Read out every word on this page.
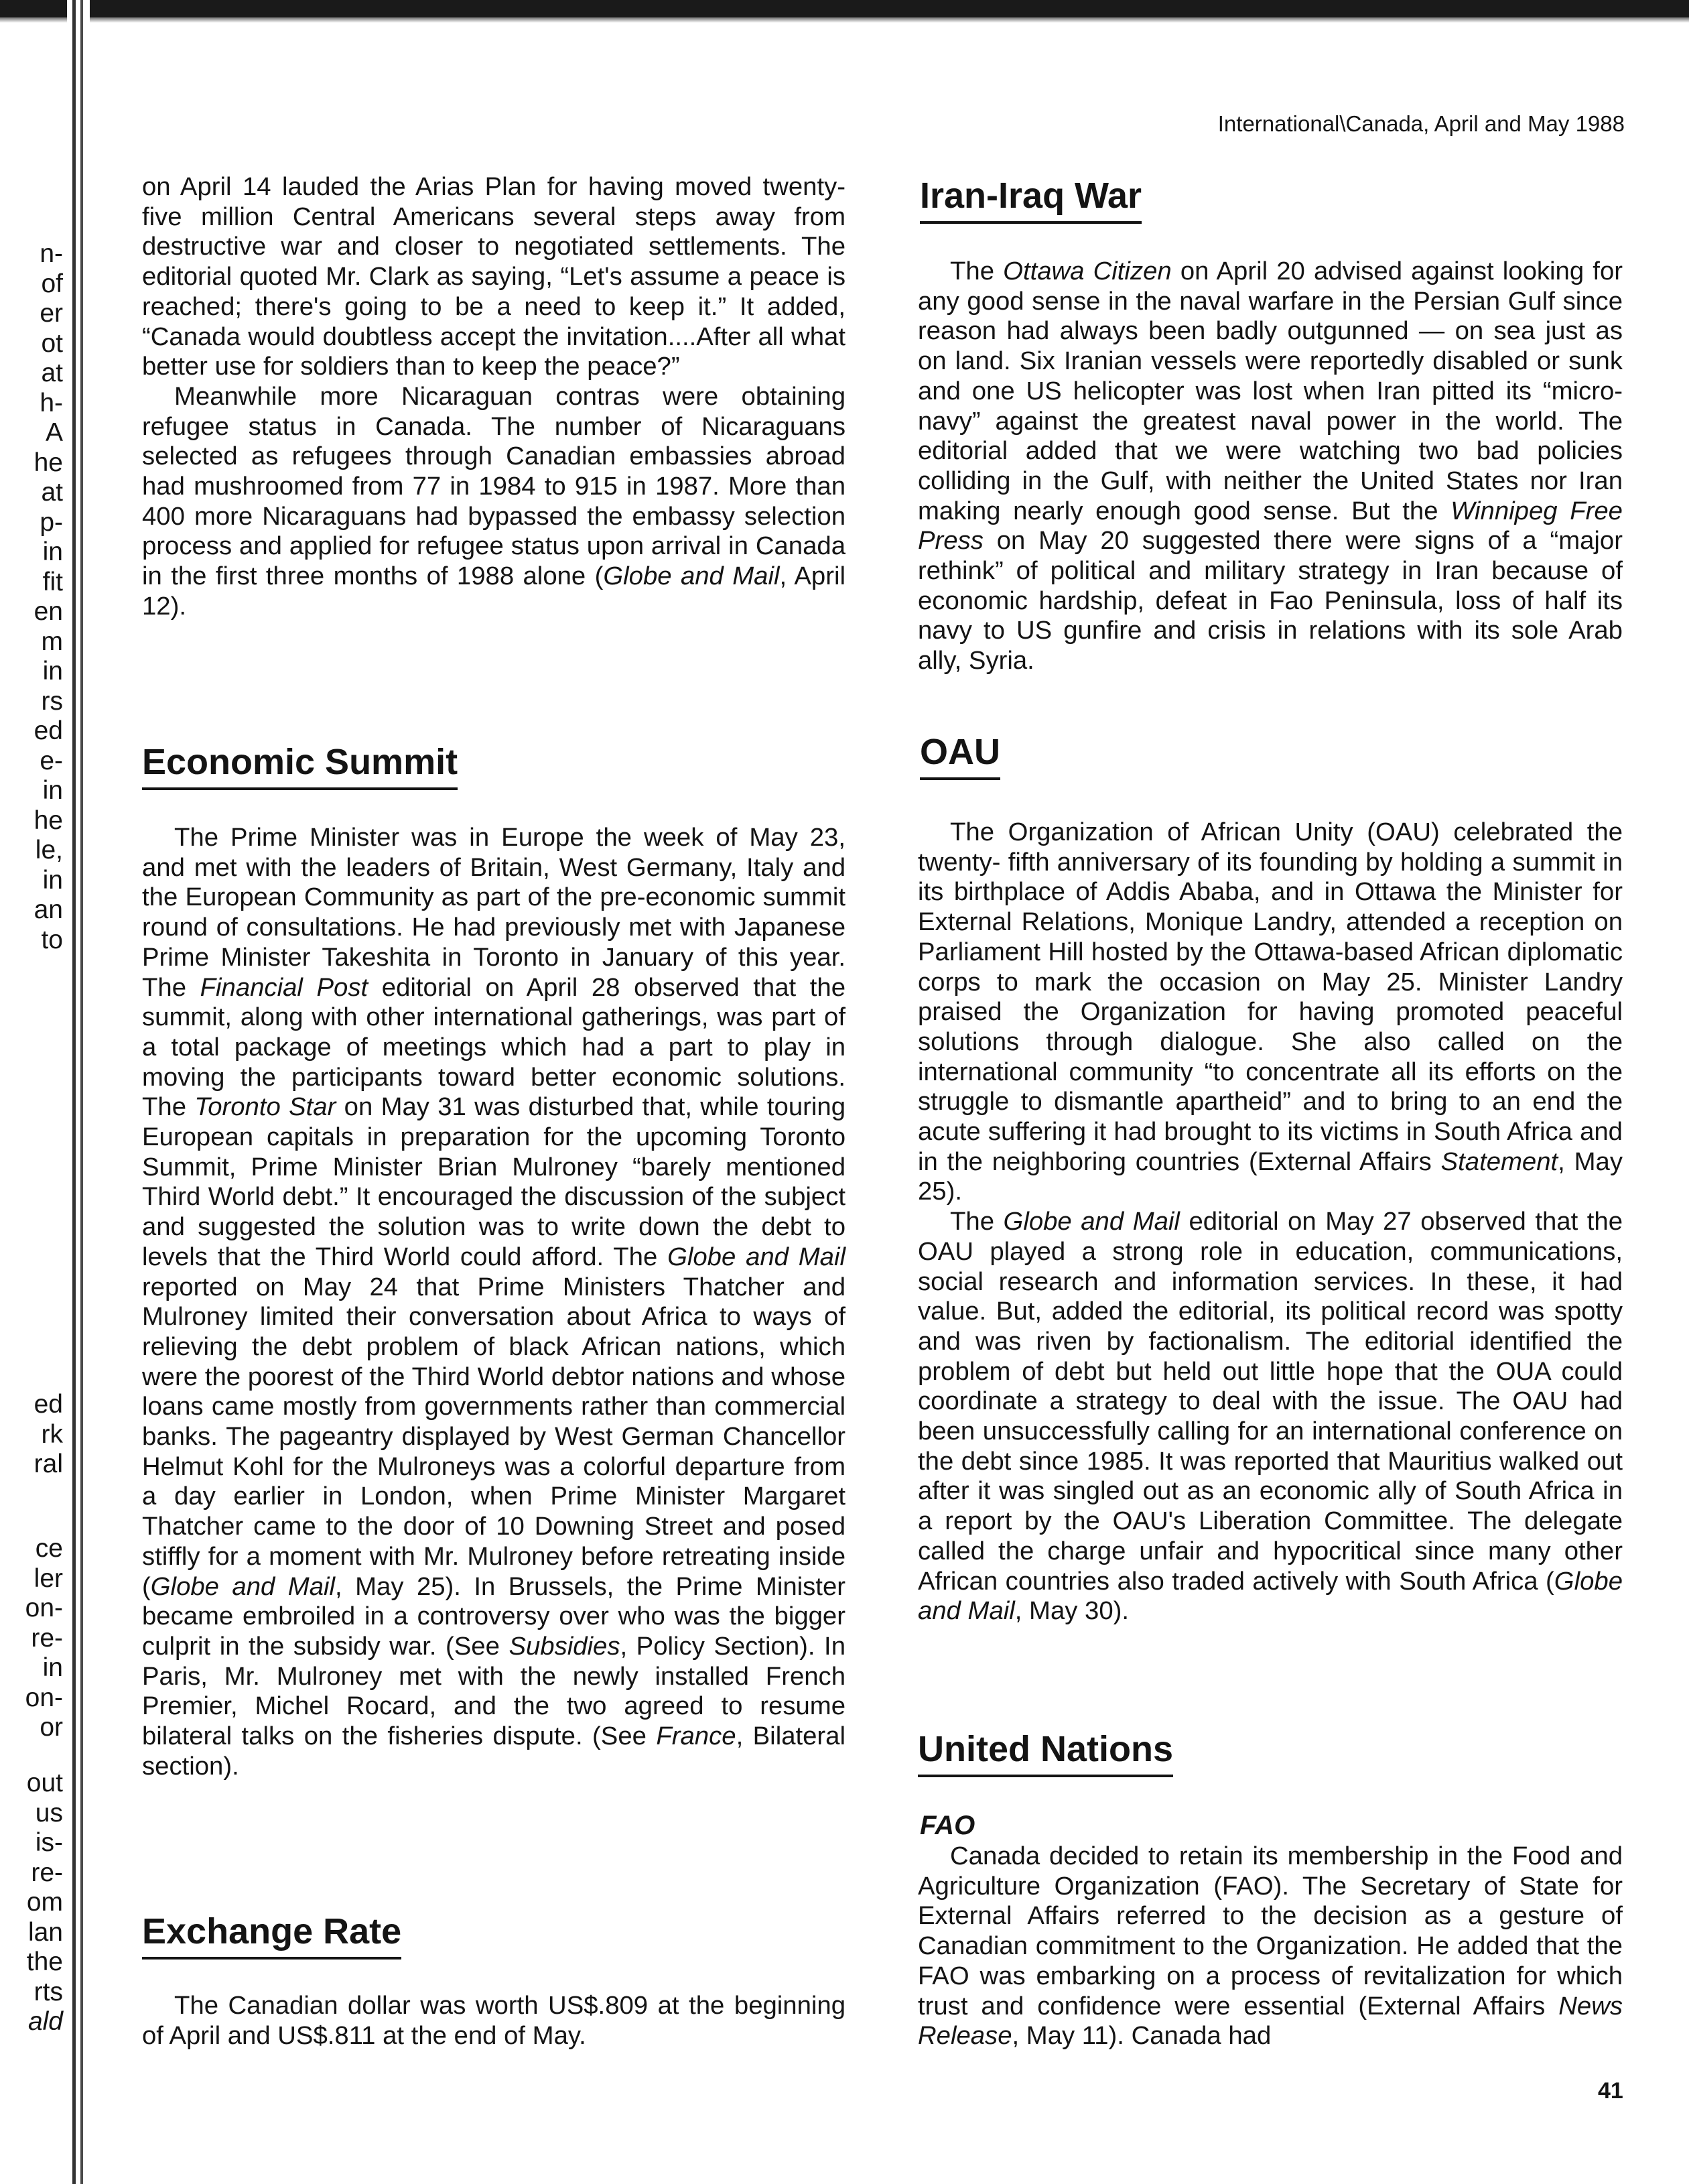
n-
of
er
ot
at
h-
A
he
at
p-
in
fit
en
m
in
rs
ed
e-
in
he
le,
in
an
to
ed
rk
ral
ce
ler
on-
re-
in
on-
or
out
us
is-
re-
om
lan
the
rts
ald
International\Canada, April and May 1988

on April 14 lauded the Arias Plan for having moved twenty-five million Central Americans several steps away from destructive war and closer to negotiated settlements. The editorial quoted Mr. Clark as saying, “Let's assume a peace is reached; there's going to be a need to keep it.” It added, “Canada would doubtless accept the invitation....After all what better use for soldiers than to keep the peace?”

Meanwhile more Nicaraguan contras were obtaining refugee status in Canada. The number of Nicaraguans selected as refugees through Canadian embassies abroad had mushroomed from 77 in 1984 to 915 in 1987. More than 400 more Nicaraguans had bypassed the embassy selection process and applied for refugee status upon arrival in Canada in the first three months of 1988 alone (Globe and Mail, April 12).

Economic Summit

The Prime Minister was in Europe the week of May 23, and met with the leaders of Britain, West Germany, Italy and the European Community as part of the pre-economic summit round of consultations. He had previously met with Japanese Prime Minister Takeshita in Toronto in January of this year. The Financial Post editorial on April 28 observed that the summit, along with other international gatherings, was part of a total package of meetings which had a part to play in moving the participants toward better economic solutions. The Toronto Star on May 31 was disturbed that, while touring European capitals in preparation for the upcoming Toronto Summit, Prime Minister Brian Mulroney “barely mentioned Third World debt.” It encouraged the discussion of the subject and suggested the solution was to write down the debt to levels that the Third World could afford. The Globe and Mail reported on May 24 that Prime Ministers Thatcher and Mulroney limited their conversation about Africa to ways of relieving the debt problem of black African nations, which were the poorest of the Third World debtor nations and whose loans came mostly from governments rather than commercial banks. The pageantry displayed by West German Chancellor Helmut Kohl for the Mulroneys was a colorful departure from a day earlier in London, when Prime Minister Margaret Thatcher came to the door of 10 Downing Street and posed stiffly for a moment with Mr. Mulroney before retreating inside (Globe and Mail, May 25). In Brussels, the Prime Minister became embroiled in a controversy over who was the bigger culprit in the subsidy war. (See Subsidies, Policy Section). In Paris, Mr. Mulroney met with the newly installed French Premier, Michel Rocard, and the two agreed to resume bilateral talks on the fisheries dispute. (See France, Bilateral section).

Exchange Rate

The Canadian dollar was worth US$.809 at the beginning of April and US$.811 at the end of May.

Iran-Iraq War

The Ottawa Citizen on April 20 advised against looking for any good sense in the naval warfare in the Persian Gulf since reason had always been badly outgunned — on sea just as on land. Six Iranian vessels were reportedly disabled or sunk and one US helicopter was lost when Iran pitted its “micro-navy” against the greatest naval power in the world. The editorial added that we were watching two bad policies colliding in the Gulf, with neither the United States nor Iran making nearly enough good sense. But the Winnipeg Free Press on May 20 suggested there were signs of a “major rethink” of political and military strategy in Iran because of economic hardship, defeat in Fao Peninsula, loss of half its navy to US gunfire and crisis in relations with its sole Arab ally, Syria.

OAU

The Organization of African Unity (OAU) celebrated the twenty- fifth anniversary of its founding by holding a summit in its birthplace of Addis Ababa, and in Ottawa the Minister for External Relations, Monique Landry, attended a reception on Parliament Hill hosted by the Ottawa-based African diplomatic corps to mark the occasion on May 25. Minister Landry praised the Organization for having promoted peaceful solutions through dialogue. She also called on the international community “to concentrate all its efforts on the struggle to dismantle apartheid” and to bring to an end the acute suffering it had brought to its victims in South Africa and in the neighboring countries (External Affairs Statement, May 25).

The Globe and Mail editorial on May 27 observed that the OAU played a strong role in education, communications, social research and information services. In these, it had value. But, added the editorial, its political record was spotty and was riven by factionalism. The editorial identified the problem of debt but held out little hope that the OUA could coordinate a strategy to deal with the issue. The OAU had been unsuccessfully calling for an international conference on the debt since 1985. It was reported that Mauritius walked out after it was singled out as an economic ally of South Africa in a report by the OAU's Liberation Committee. The delegate called the charge unfair and hypocritical since many other African countries also traded actively with South Africa (Globe and Mail, May 30).

United Nations
FAO

Canada decided to retain its membership in the Food and Agriculture Organization (FAO). The Secretary of State for External Affairs referred to the decision as a gesture of Canadian commitment to the Organization. He added that the FAO was embarking on a process of revitalization for which trust and confidence were essential (External Affairs News Release, May 11). Canada had

41
